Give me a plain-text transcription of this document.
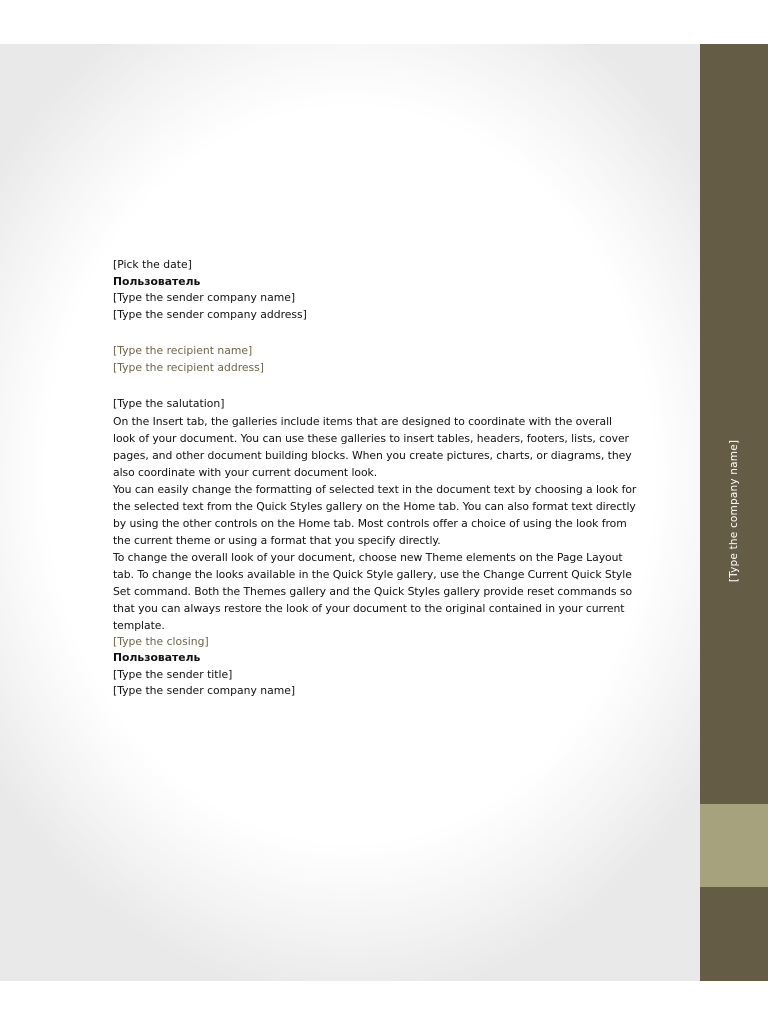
[Pick the date]

Пользователь

[Type the sender company name]

[Type the sender company address]

[Type the recipient name]

[Type the recipient address]

[Type the salutation]

On the Insert tab, the galleries include items that are designed to coordinate with the overall look of your document. You can use these galleries to insert tables, headers, footers, lists, cover pages, and other document building blocks. When you create pictures, charts, or diagrams, they also coordinate with your current document look.

You can easily change the formatting of selected text in the document text by choosing a look for the selected text from the Quick Styles gallery on the Home tab. You can also format text directly by using the other controls on the Home tab. Most controls offer a choice of using the look from the current theme or using a format that you specify directly.

To change the overall look of your document, choose new Theme elements on the Page Layout tab. To change the looks available in the Quick Style gallery, use the Change Current Quick Style Set command. Both the Themes gallery and the Quick Styles gallery provide reset commands so that you can always restore the look of your document to the original contained in your current template.

[Type the closing]

Пользователь

[Type the sender title]

[Type the sender company name]

[Type the company name]
